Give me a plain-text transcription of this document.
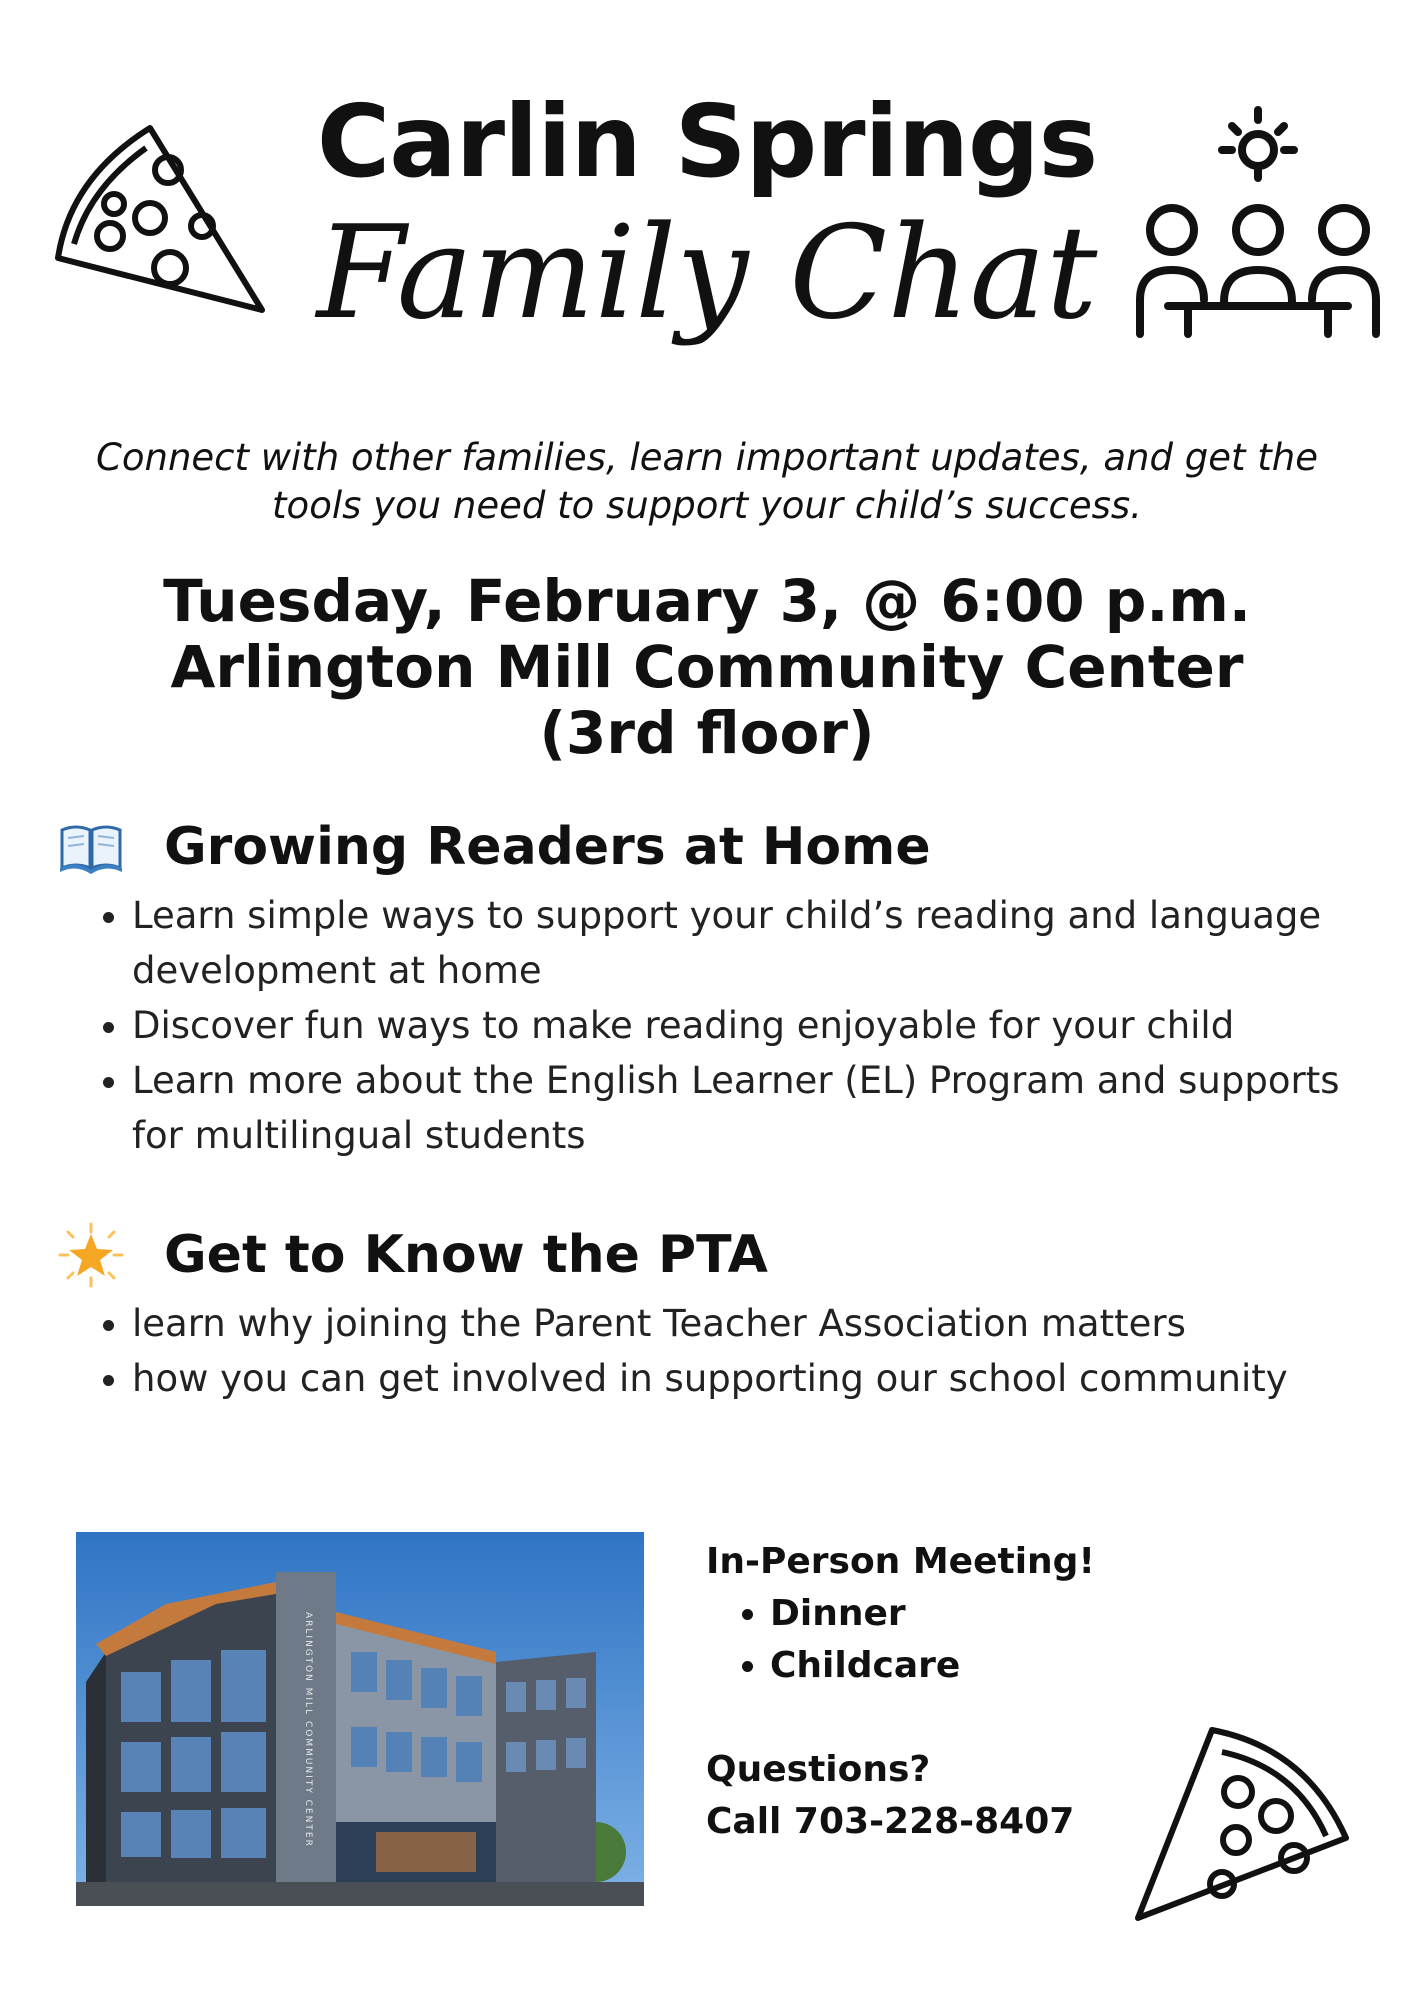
Carlin Springs
Family Chat
Connect with other families, learn important updates, and get the tools you need to support your child’s success.
Tuesday, February 3, @ 6:00 p.m.
Arlington Mill Community Center
(3rd floor)
Growing Readers at Home
• Learn simple ways to support your child’s reading and language development at home
• Discover fun ways to make reading enjoyable for your child
• Learn more about the English Learner (EL) Program and supports for multilingual students
Get to Know the PTA
• learn why joining the Parent Teacher Association matters
• how you can get involved in supporting our school community
ARLINGTON MILL COMMUNITY CENTER
In-Person Meeting!
• Dinner
• Childcare
Questions?
Call 703-228-8407
